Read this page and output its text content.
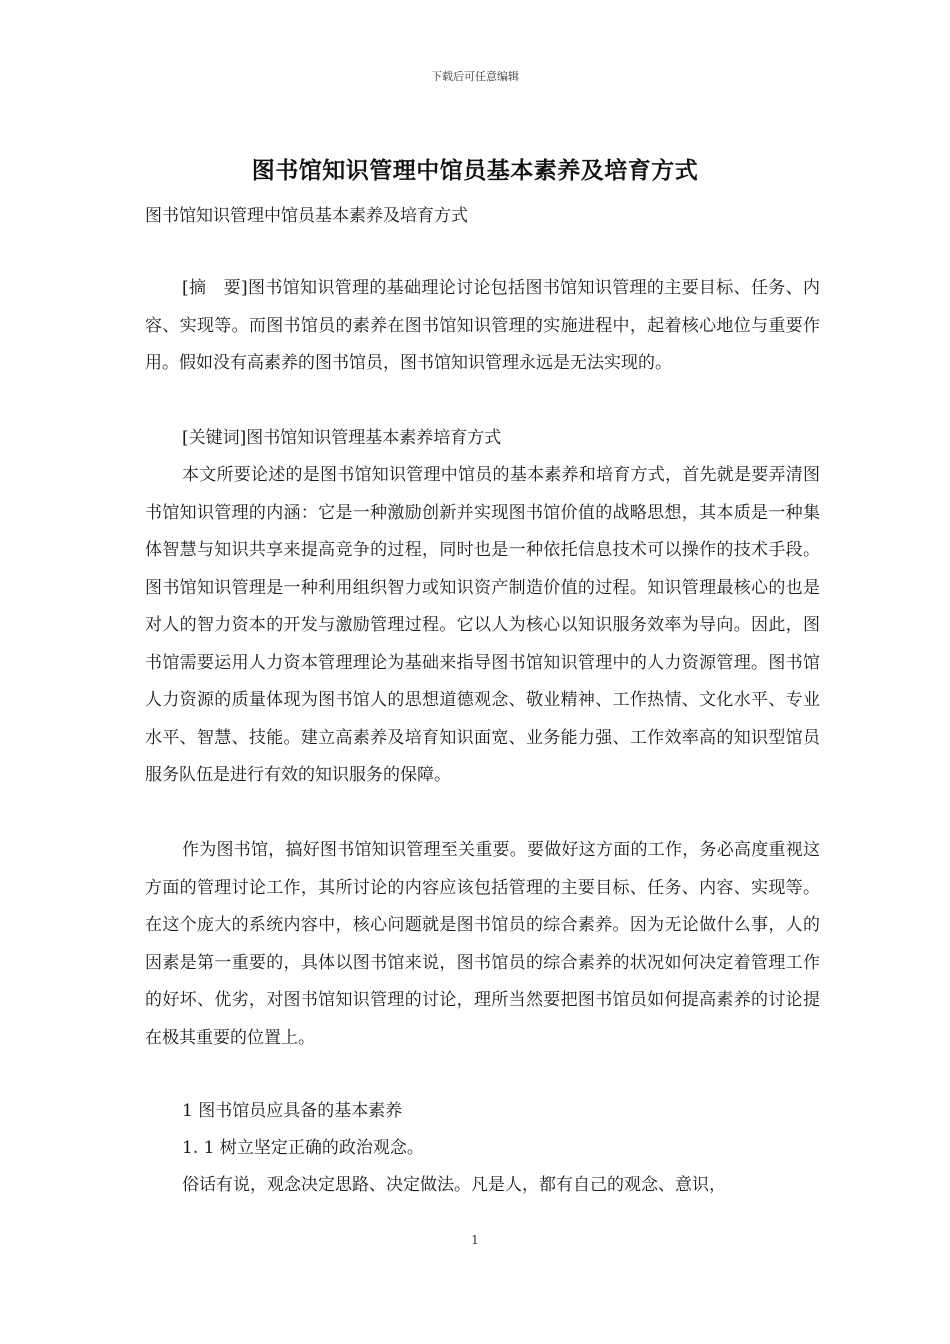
下载后可任意编辑
图书馆知识管理中馆员基本素养及培育方式
图书馆知识管理中馆员基本素养及培育方式

[摘　要]图书馆知识管理的基础理论讨论包括图书馆知识管理的主要目标、任务、内容、实现等。而图书馆员的素养在图书馆知识管理的实施进程中，起着核心地位与重要作用。假如没有高素养的图书馆员，图书馆知识管理永远是无法实现的。

[关键词]图书馆知识管理基本素养培育方式

本文所要论述的是图书馆知识管理中馆员的基本素养和培育方式，首先就是要弄清图书馆知识管理的内涵：它是一种激励创新并实现图书馆价值的战略思想，其本质是一种集体智慧与知识共享来提高竞争的过程，同时也是一种依托信息技术可以操作的技术手段。图书馆知识管理是一种利用组织智力或知识资产制造价值的过程。知识管理最核心的也是对人的智力资本的开发与激励管理过程。它以人为核心以知识服务效率为导向。因此，图书馆需要运用人力资本管理理论为基础来指导图书馆知识管理中的人力资源管理。图书馆人力资源的质量体现为图书馆人的思想道德观念、敬业精神、工作热情、文化水平、专业水平、智慧、技能。建立高素养及培育知识面宽、业务能力强、工作效率高的知识型馆员服务队伍是进行有效的知识服务的保障。

作为图书馆，搞好图书馆知识管理至关重要。要做好这方面的工作，务必高度重视这方面的管理讨论工作，其所讨论的内容应该包括管理的主要目标、任务、内容、实现等。在这个庞大的系统内容中，核心问题就是图书馆员的综合素养。因为无论做什么事，人的因素是第一重要的，具体以图书馆来说，图书馆员的综合素养的状况如何决定着管理工作的好坏、优劣，对图书馆知识管理的讨论，理所当然要把图书馆员如何提高素养的讨论提在极其重要的位置上。

1 图书馆员应具备的基本素养

1. 1 树立坚定正确的政治观念。

俗话有说，观念决定思路、决定做法。凡是人，都有自己的观念、意识，

1
